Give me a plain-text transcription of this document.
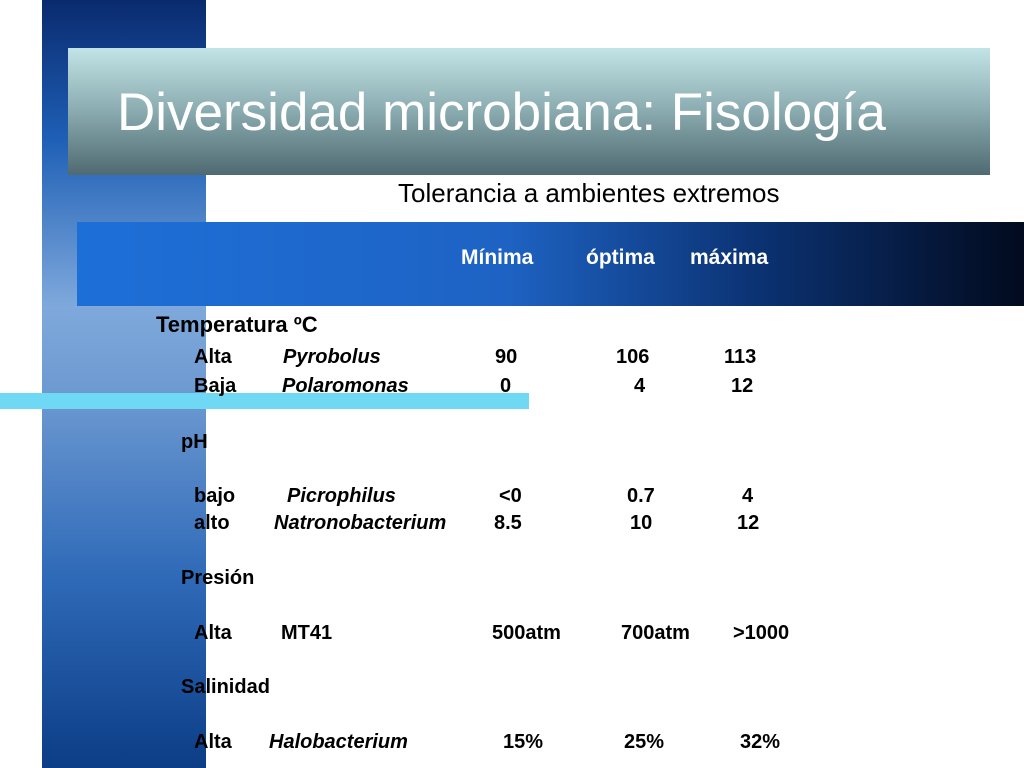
Diversidad microbiana: Fisología
Tolerancia a ambientes extremos
Mínima	óptima máxima
Temperatura ºC
Alta	Pyrobolus	90	106	113
Baja Polaromonas	0	4	12
pH
bajo	Picrophilus	<0	0.7	4
alto Natronobacterium 8.5	10	12
Presión
Alta MT41	500atm	700atm >1000
Salinidad
Alta Halobacterium	15%	25%	32%
